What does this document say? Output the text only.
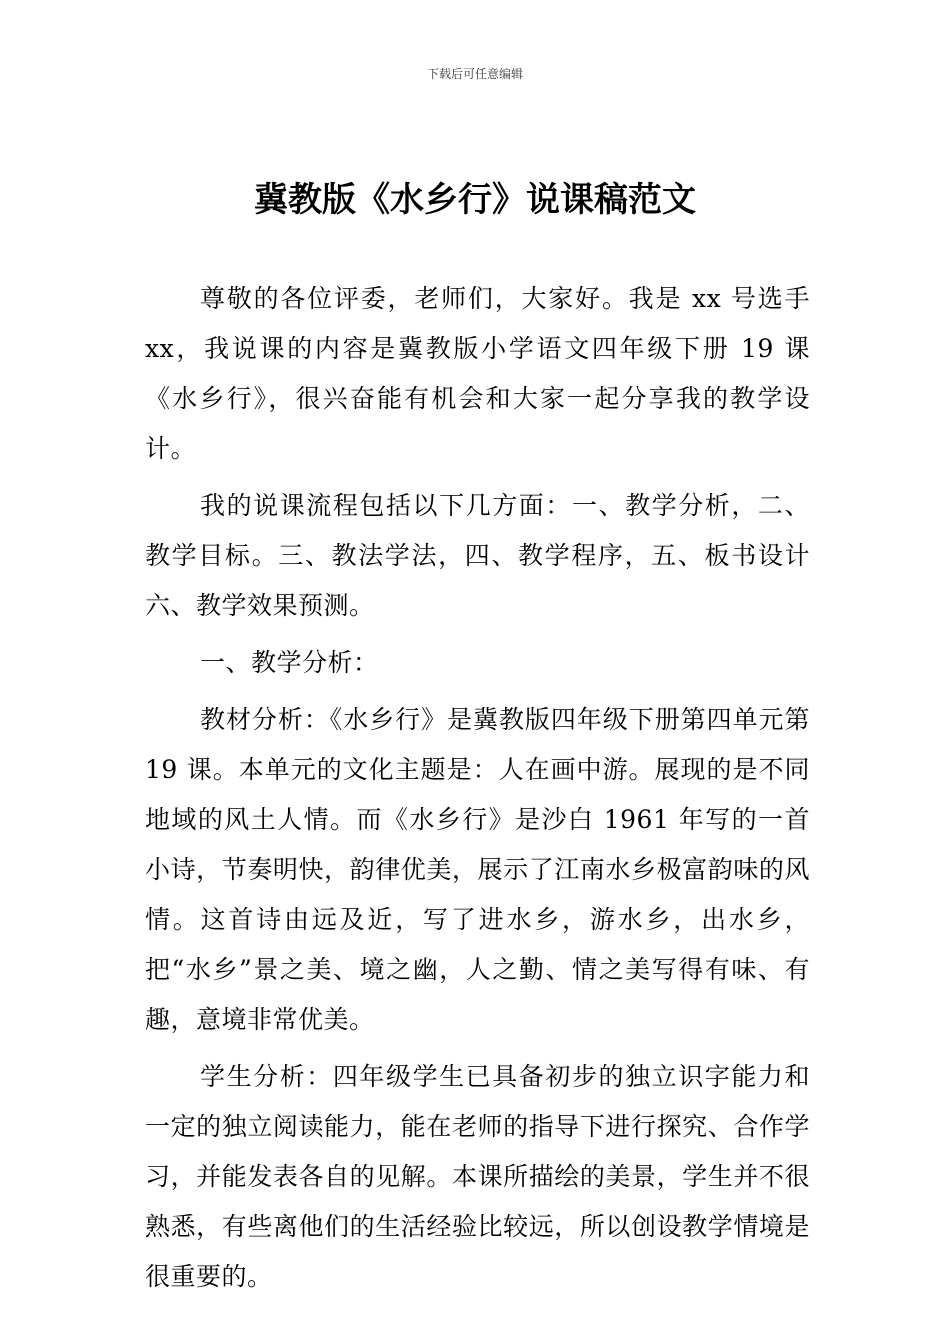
下载后可任意编辑
冀教版《水乡行》说课稿范文

尊敬的各位评委，老师们，大家好。我是 xx 号选手 xx，我说课的内容是冀教版小学语文四年级下册 19 课《水乡行》，很兴奋能有机会和大家一起分享我的教学设计。

我的说课流程包括以下几方面：一、教学分析，二、教学目标。三、教法学法，四、教学程序，五、板书设计六、教学效果预测。

一、教学分析：

教材分析：《水乡行》是冀教版四年级下册第四单元第 19 课。本单元的文化主题是：人在画中游。展现的是不同地域的风土人情。而《水乡行》是沙白 1961 年写的一首小诗，节奏明快，韵律优美，展示了江南水乡极富韵味的风情。这首诗由远及近，写了进水乡，游水乡，出水乡，把“水乡”景之美、境之幽，人之勤、情之美写得有味、有趣，意境非常优美。

学生分析：四年级学生已具备初步的独立识字能力和一定的独立阅读能力，能在老师的指导下进行探究、合作学习，并能发表各自的见解。本课所描绘的美景，学生并不很熟悉，有些离他们的生活经验比较远，所以创设教学情境是很重要的。
